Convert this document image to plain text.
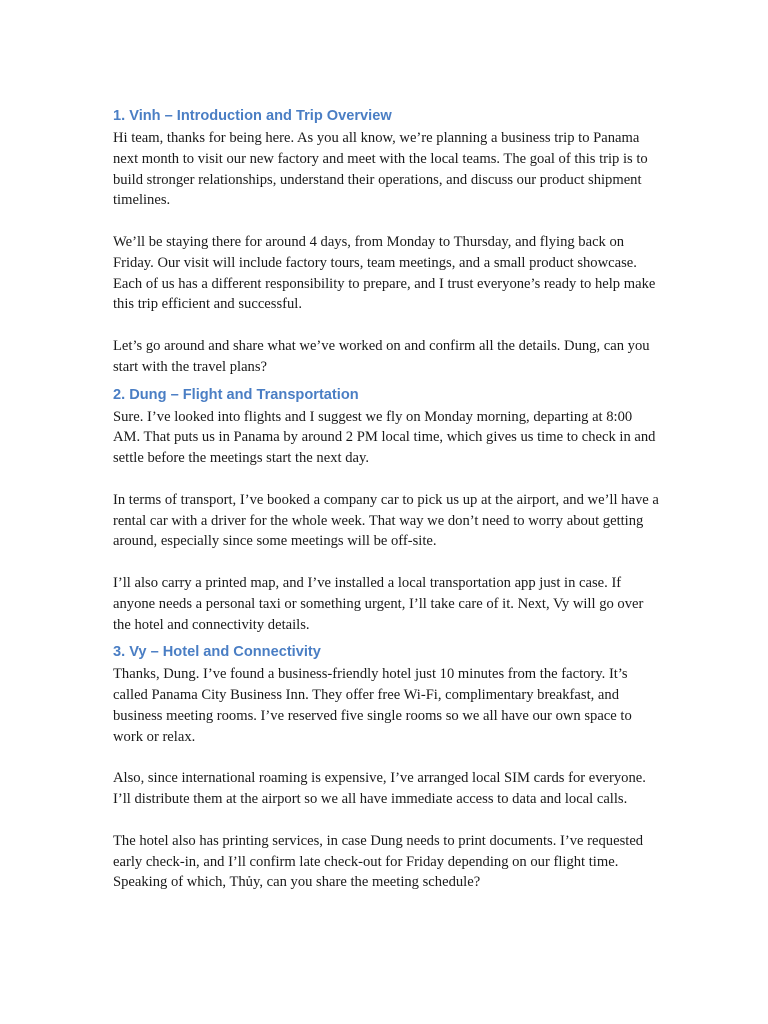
1. Vinh – Introduction and Trip Overview

Hi team, thanks for being here. As you all know, we’re planning a business trip to Panama next month to visit our new factory and meet with the local teams. The goal of this trip is to build stronger relationships, understand their operations, and discuss our product shipment timelines.

We’ll be staying there for around 4 days, from Monday to Thursday, and flying back on Friday. Our visit will include factory tours, team meetings, and a small product showcase. Each of us has a different responsibility to prepare, and I trust everyone’s ready to help make this trip efficient and successful.

Let’s go around and share what we’ve worked on and confirm all the details. Dung, can you start with the travel plans?

2. Dung – Flight and Transportation

Sure. I’ve looked into flights and I suggest we fly on Monday morning, departing at 8:00 AM. That puts us in Panama by around 2 PM local time, which gives us time to check in and settle before the meetings start the next day.

In terms of transport, I’ve booked a company car to pick us up at the airport, and we’ll have a rental car with a driver for the whole week. That way we don’t need to worry about getting around, especially since some meetings will be off-site.

I’ll also carry a printed map, and I’ve installed a local transportation app just in case. If anyone needs a personal taxi or something urgent, I’ll take care of it. Next, Vy will go over the hotel and connectivity details.

3. Vy – Hotel and Connectivity

Thanks, Dung. I’ve found a business-friendly hotel just 10 minutes from the factory. It’s called Panama City Business Inn. They offer free Wi-Fi, complimentary breakfast, and business meeting rooms. I’ve reserved five single rooms so we all have our own space to work or relax.

Also, since international roaming is expensive, I’ve arranged local SIM cards for everyone. I’ll distribute them at the airport so we all have immediate access to data and local calls.

The hotel also has printing services, in case Dung needs to print documents. I’ve requested early check-in, and I’ll confirm late check-out for Friday depending on our flight time. Speaking of which, Thủy, can you share the meeting schedule?
